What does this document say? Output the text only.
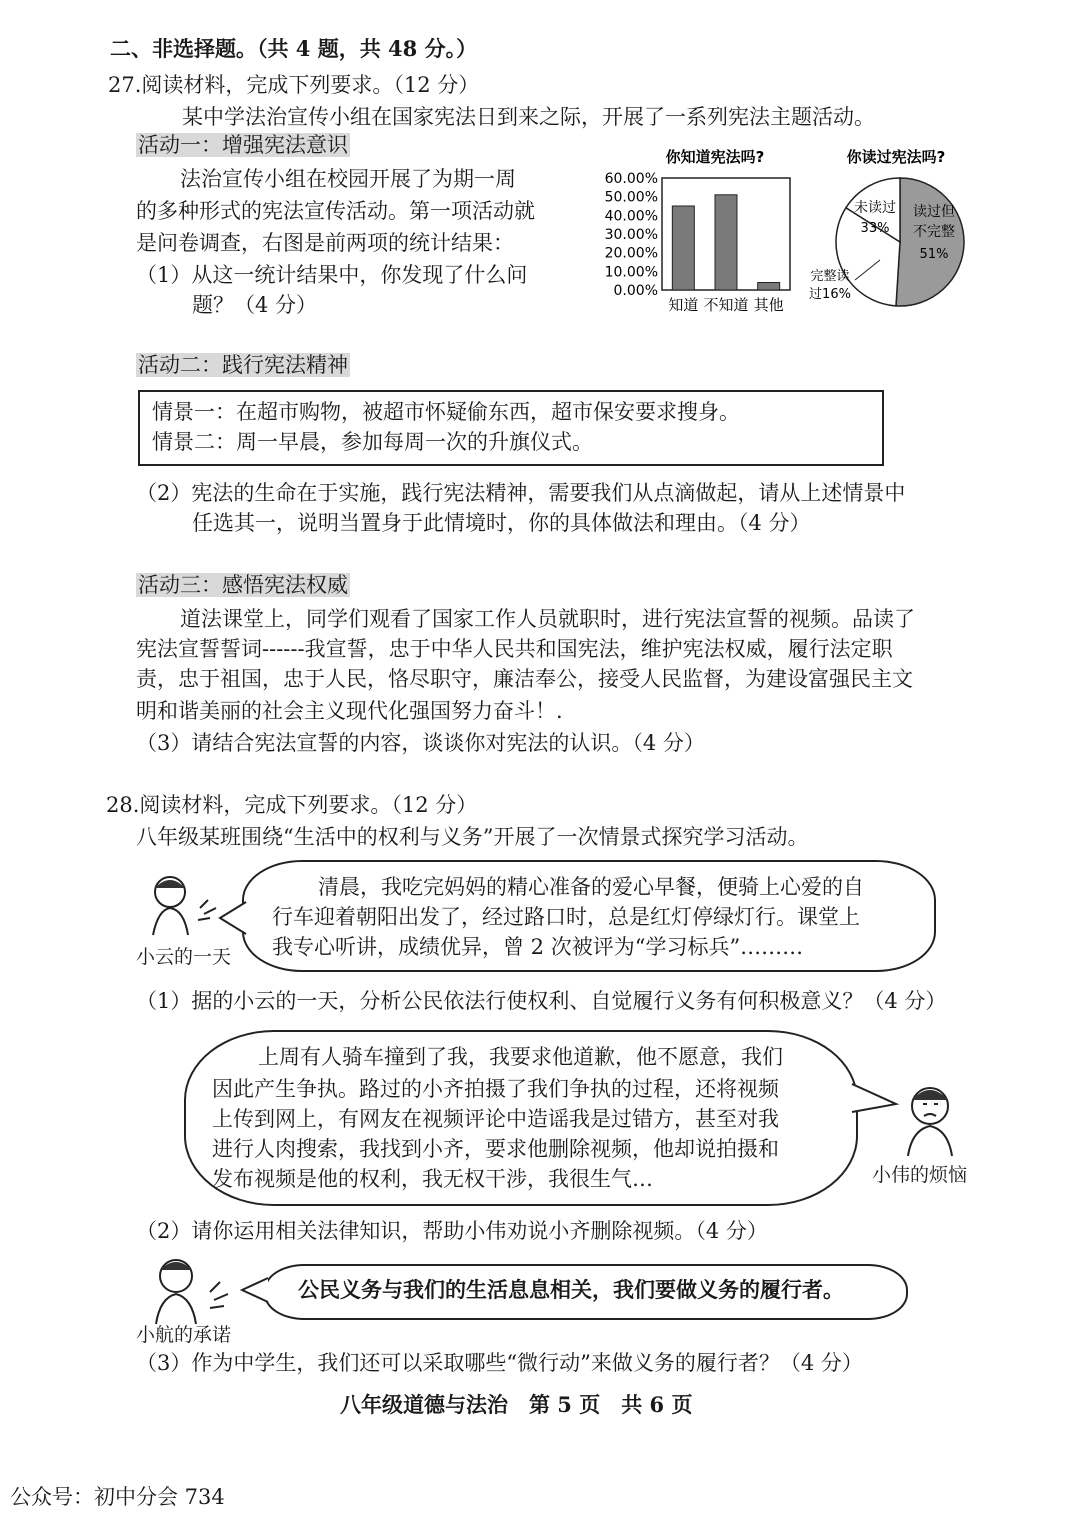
二、非选择题。（共 4 题，共 48 分。）
27.阅读材料，完成下列要求。（12 分）
某中学法治宣传小组在国家宪法日到来之际，开展了一系列宪法主题活动。
活动一：增强宪法意识
法治宣传小组在校园开展了为期一周
的多种形式的宪法宣传活动。第一项活动就
是问卷调查，右图是前两项的统计结果：
（1）从这一统计结果中，你发现了什么问
题？（4 分）
你知道宪法吗?
0.00%
10.00%
20.00%
30.00%
40.00%
50.00%
60.00%
知道 不知道 其他
你读过宪法吗?
读过但
不完整
51%
未读过
33%
完整读
过16%
活动二：践行宪法精神
情景一：在超市购物，被超市怀疑偷东西，超市保安要求搜身。
情景二：周一早晨，参加每周一次的升旗仪式。
（2）宪法的生命在于实施，践行宪法精神，需要我们从点滴做起，请从上述情景中
任选其一，说明当置身于此情境时，你的具体做法和理由。（4 分）
活动三：感悟宪法权威
道法课堂上，同学们观看了国家工作人员就职时，进行宪法宣誓的视频。品读了
宪法宣誓誓词------我宣誓，忠于中华人民共和国宪法，维护宪法权威，履行法定职
责，忠于祖国，忠于人民，恪尽职守，廉洁奉公，接受人民监督，为建设富强民主文
明和谐美丽的社会主义现代化强国努力奋斗！.
（3）请结合宪法宣誓的内容，谈谈你对宪法的认识。（4 分）
28.阅读材料，完成下列要求。（12 分）
八年级某班围绕“生活中的权利与义务”开展了一次情景式探究学习活动。
小云的一天
清晨，我吃完妈妈的精心准备的爱心早餐，便骑上心爱的自
行车迎着朝阳出发了，经过路口时，总是红灯停绿灯行。课堂上
我专心听讲，成绩优异，曾 2 次被评为“学习标兵”………
（1）据的小云的一天，分析公民依法行使权利、自觉履行义务有何积极意义？（4 分）
上周有人骑车撞到了我，我要求他道歉，他不愿意，我们
因此产生争执。路过的小齐拍摄了我们争执的过程，还将视频
上传到网上，有网友在视频评论中造谣我是过错方，甚至对我
进行人肉搜索，我找到小齐，要求他删除视频，他却说拍摄和
发布视频是他的权利，我无权干涉，我很生气…	小伟的烦恼
（2）请你运用相关法律知识，帮助小伟劝说小齐删除视频。（4 分）
小航的承诺
公民义务与我们的生活息息相关，我们要做义务的履行者。
（3）作为中学生，我们还可以采取哪些“微行动”来做义务的履行者？（4 分）
八年级道德与法治　第 5 页　共 6 页
公众号：初中分会 734
